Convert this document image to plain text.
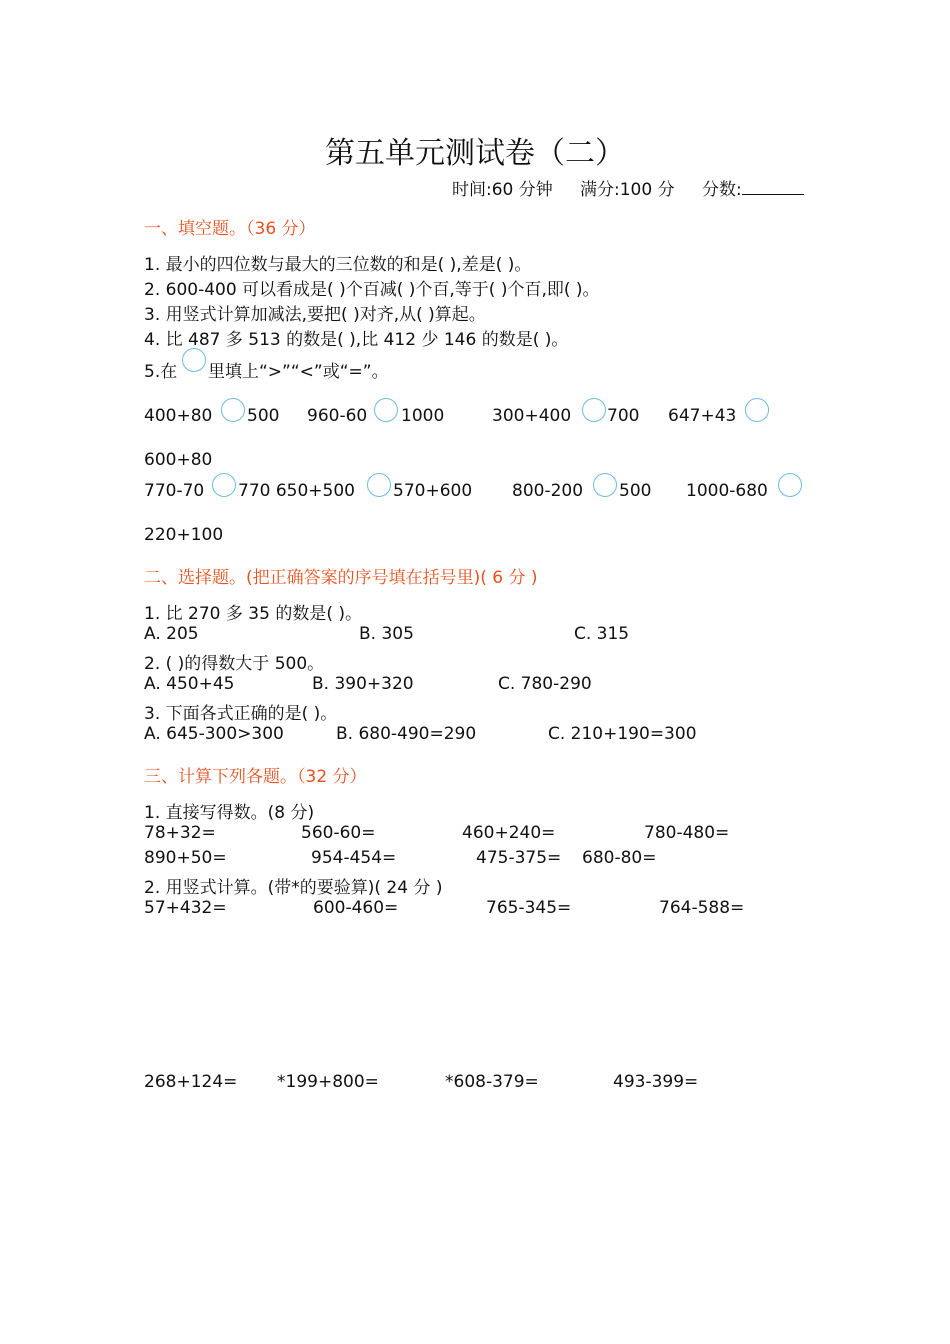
第五单元测试卷（二）
时间:60 分钟 满分:100 分 分数:
一、填空题。（36 分）
1. 最小的四位数与最大的三位数的和是( ),差是( )。
2. 600-400 可以看成是( )个百减( )个百,等于( )个百,即( )。
3. 用竖式计算加减法,要把( )对齐,从( )算起。
4. 比 487 多 513 的数是( ),比 412 少 146 的数是( )。
5.在 里填上“>”“<”或“=”。
400+80 500 960-60 1000	300+400 700 647+43
600+80
770-70 770 650+500 570+600 800-200 500 1000-680
220+100
二、选择题。(把正确答案的序号填在括号里)( 6 分 )
1. 比 270 多 35 的数是( )。
A. 205	B. 305	C. 315
2. ( )的得数大于 500。
A. 450+45	B. 390+320	C. 780-290
3. 下面各式正确的是( )。
A. 645-300>300	B. 680-490=290	C. 210+190=300
三、计算下列各题。（32 分）
1. 直接写得数。(8 分)
78+32=	560-60=	460+240=	780-480=
890+50=	954-454=	475-375= 680-80=
2. 用竖式计算。(带*的要验算)( 24 分 )
57+432=	600-460=	765-345=	764-588=
268+124= *199+800=	*608-379=	493-399=
